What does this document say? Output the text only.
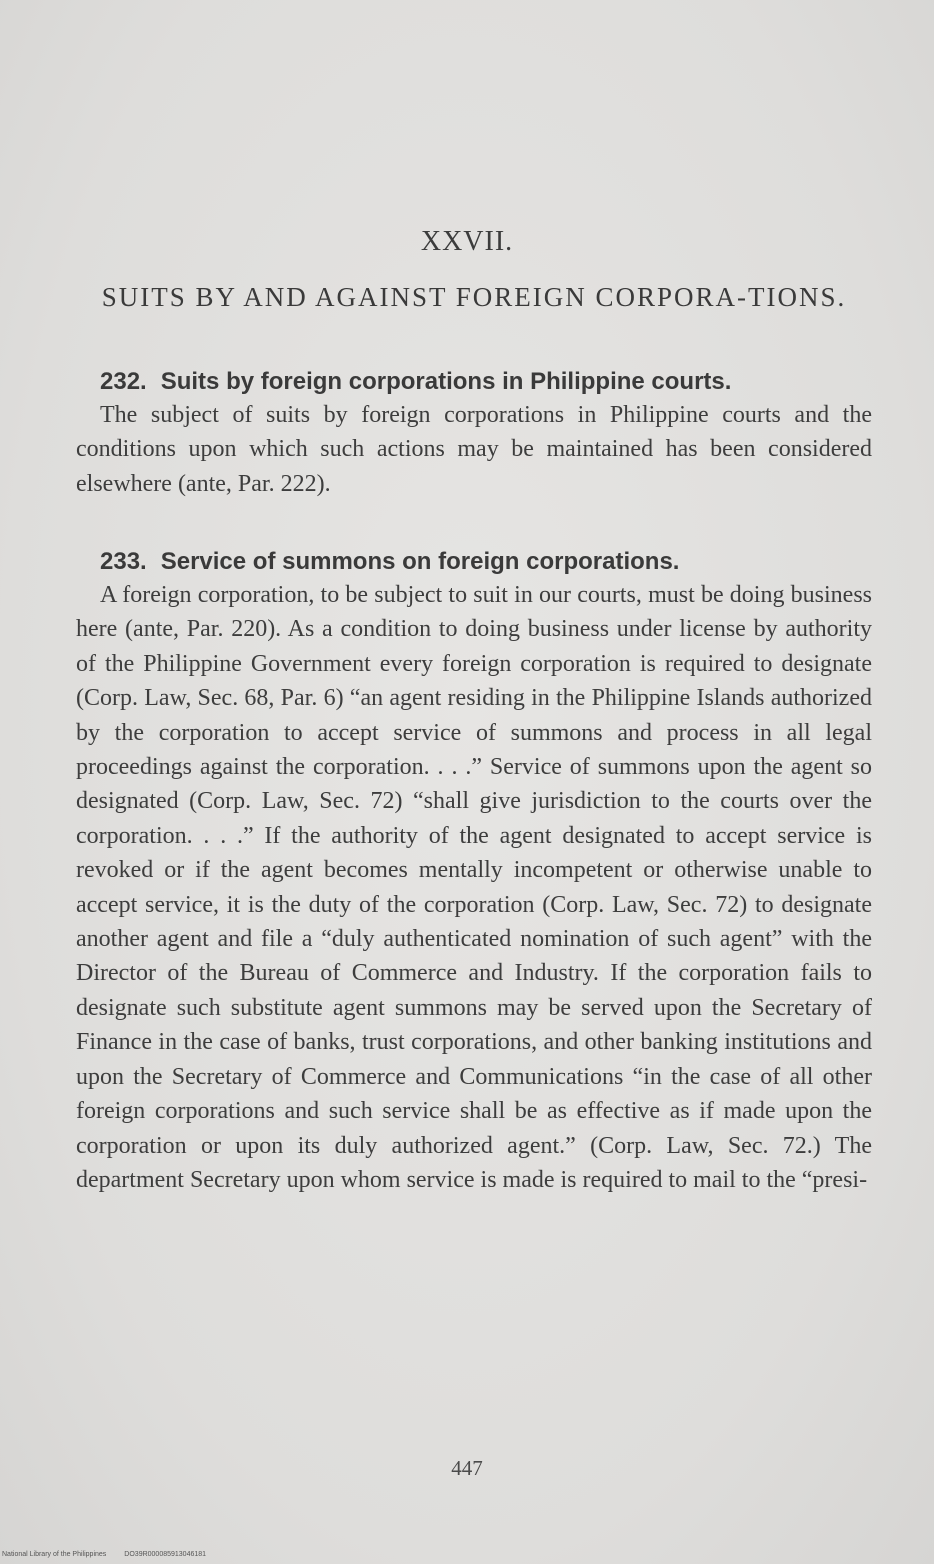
XXVII.
SUITS BY AND AGAINST FOREIGN CORPORA-TIONS.

232. Suits by foreign corporations in Philippine courts.

The subject of suits by foreign corporations in Philippine courts and the conditions upon which such actions may be maintained has been considered elsewhere (ante, Par. 222).

233. Service of summons on foreign corporations.

A foreign corporation, to be subject to suit in our courts, must be doing business here (ante, Par. 220). As a condition to doing business under license by authority of the Philippine Government every foreign corporation is required to designate (Corp. Law, Sec. 68, Par. 6) “an agent residing in the Philippine Islands authorized by the corporation to accept service of summons and process in all legal proceedings against the corporation. . . .” Service of summons upon the agent so designated (Corp. Law, Sec. 72) “shall give jurisdiction to the courts over the corporation. . . .” If the authority of the agent designated to accept service is revoked or if the agent becomes mentally incompetent or otherwise unable to accept service, it is the duty of the corporation (Corp. Law, Sec. 72) to designate another agent and file a “duly authenticated nomination of such agent” with the Director of the Bureau of Commerce and Industry. If the corporation fails to designate such substitute agent summons may be served upon the Secretary of Finance in the case of banks, trust corporations, and other banking institutions and upon the Secretary of Commerce and Communications “in the case of all other foreign corporations and such service shall be as effective as if made upon the corporation or upon its duly authorized agent.” (Corp. Law, Sec. 72.) The department Secretary upon whom service is made is required to mail to the “presi-

447
National Library of the Philippines	DO39R000085913046181
